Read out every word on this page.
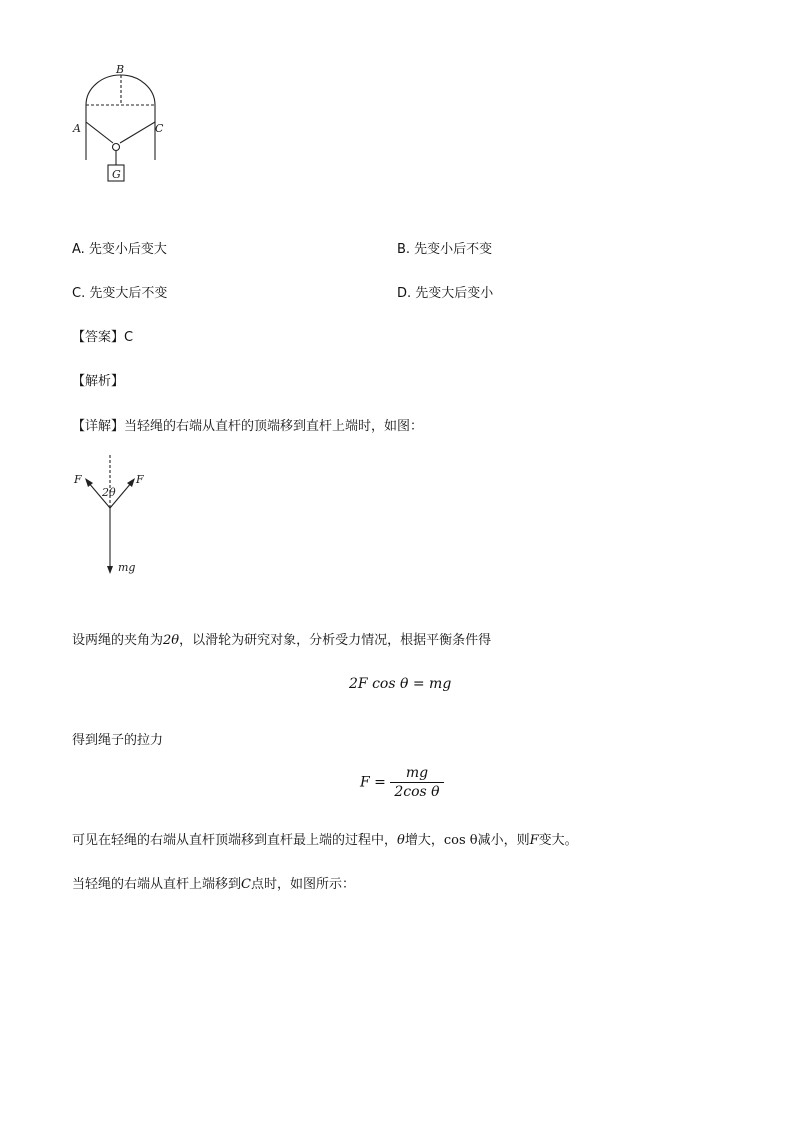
B
A	C
G
A. 先变小后变大	B. 先变小后不变
C. 先变大后不变	D. 先变大后变小
【答案】C
【解析】
【详解】当轻绳的右端从直杆的顶端移到直杆上端时，如图：
F	F
2θ
mg
设两绳的夹角为2θ，以滑轮为研究对象，分析受力情况，根据平衡条件得
2F cos θ = mg
得到绳子的拉力
$F = \frac{mg}{\text{2cos θ}}$
可见在轻绳的右端从直杆顶端移到直杆最上端的过程中，θ增大，cos θ减小，则F变大。
当轻绳的右端从直杆上端移到C点时，如图所示：
